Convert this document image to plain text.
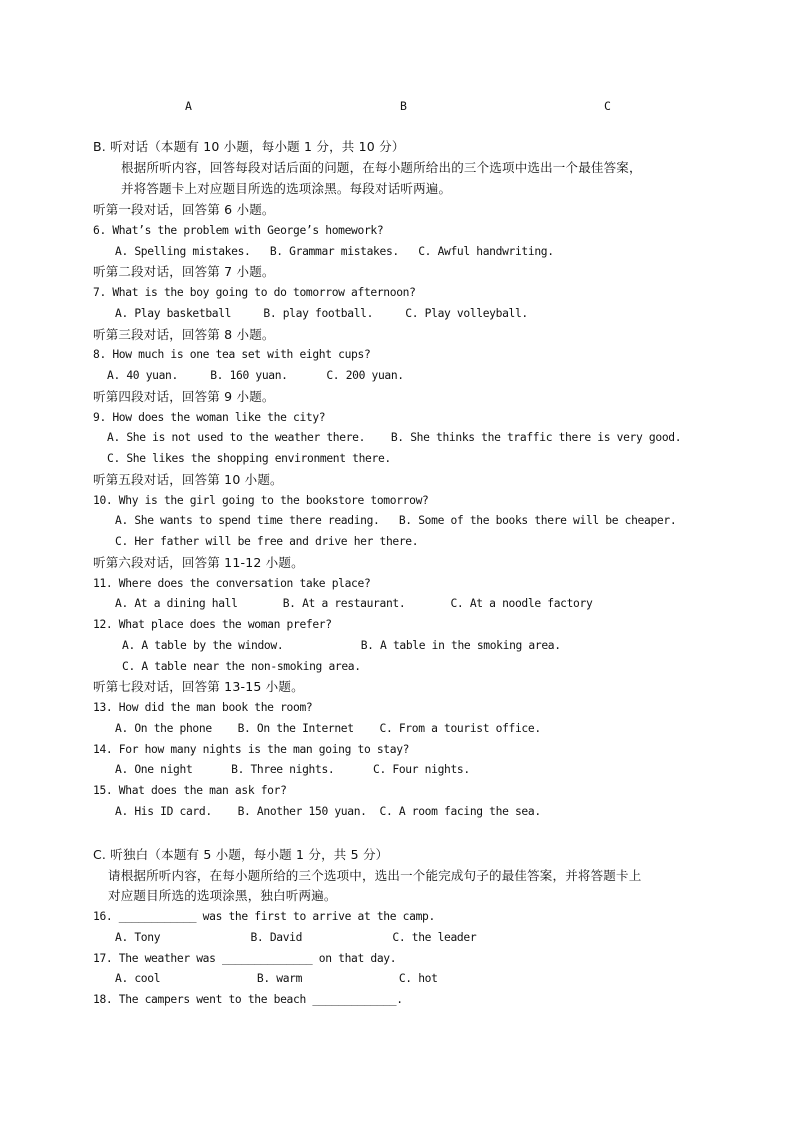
A	B	C
B. 听对话（本题有 10 小题，每小题 1 分，共 10 分）
根据所听内容，回答每段对话后面的问题，在每小题所给出的三个选项中选出一个最佳答案，
并将答题卡上对应题目所选的选项涂黑。每段对话听两遍。
听第一段对话，回答第 6 小题。
6. What’s the problem with George’s homework?
A. Spelling mistakes.   B. Grammar mistakes.   C. Awful handwriting.
听第二段对话，回答第 7 小题。
7. What is the boy going to do tomorrow afternoon?
A. Play basketball     B. play football.     C. Play volleyball.
听第三段对话，回答第 8 小题。
8. How much is one tea set with eight cups?
A. 40 yuan.     B. 160 yuan.      C. 200 yuan.
听第四段对话，回答第 9 小题。
9. How does the woman like the city?
A. She is not used to the weather there.    B. She thinks the traffic there is very good.
C. She likes the shopping environment there.
听第五段对话，回答第 10 小题。
10. Why is the girl going to the bookstore tomorrow?
A. She wants to spend time there reading.   B. Some of the books there will be cheaper.
C. Her father will be free and drive her there.
听第六段对话，回答第 11-12 小题。
11. Where does the conversation take place?
A. At a dining hall       B. At a restaurant.       C. At a noodle factory
12. What place does the woman prefer?
A. A table by the window.            B. A table in the smoking area.
C. A table near the non-smoking area.
听第七段对话，回答第 13-15 小题。
13. How did the man book the room?
A. On the phone    B. On the Internet    C. From a tourist office.
14. For how many nights is the man going to stay?
A. One night      B. Three nights.      C. Four nights.
15. What does the man ask for?
A. His ID card.    B. Another 150 yuan.  C. A room facing the sea.
C. 听独白（本题有 5 小题，每小题 1 分，共 5 分）
请根据所听内容，在每小题所给的三个选项中，选出一个能完成句子的最佳答案，并将答题卡上
对应题目所选的选项涂黑，独白听两遍。
16. ____________ was the first to arrive at the camp.
A. Tony              B. David              C. the leader
17. The weather was ______________ on that day.
A. cool               B. warm               C. hot
18. The campers went to the beach _____________.
